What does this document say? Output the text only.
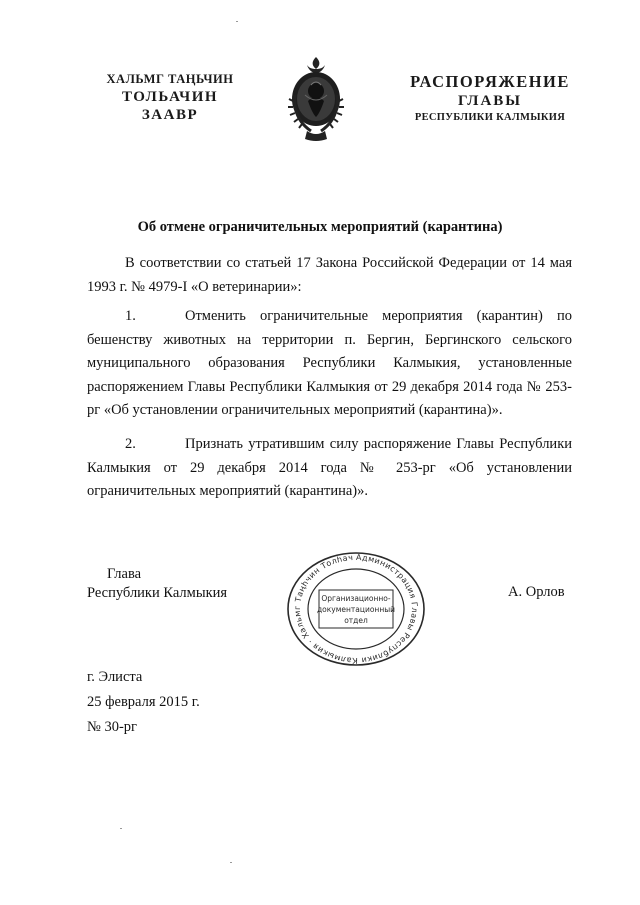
ХАЛЬМГ ТАҢЬЧИН
ТОЛЬАЧИН
ЗААВР
РАСПОРЯЖЕНИЕ
ГЛАВЫ
РЕСПУБЛИКИ КАЛМЫКИЯ
Об отмене ограничительных мероприятий (карантина)
В соответствии со статьей 17 Закона Российской Федерации от 14 мая 1993 г. № 4979-I «О ветеринарии»:
1.	Отменить ограничительные мероприятия (карантин) по бешенству животных на территории п. Бергин, Бергинского сельского муниципального образования Республики Калмыкия, установленные распоряжением Главы Республики Калмыкия от 29 декабря 2014 года № 253-рг «Об установлении ограничительных мероприятий (карантина)».
2.	Признать утратившим силу распоряжение Главы Республики Калмыкия от 29 декабря 2014 года № 253-рг «Об установлении ограничительных мероприятий (карантина)».
Глава
Республики Калмыкия
Администрация Главы Республики Калмыкия · Хальмг Таңһчин Толһач
Организационно-
документационный
отдел
А. Орлов
г. Элиста
25 февраля 2015 г.
№ 30-рг
